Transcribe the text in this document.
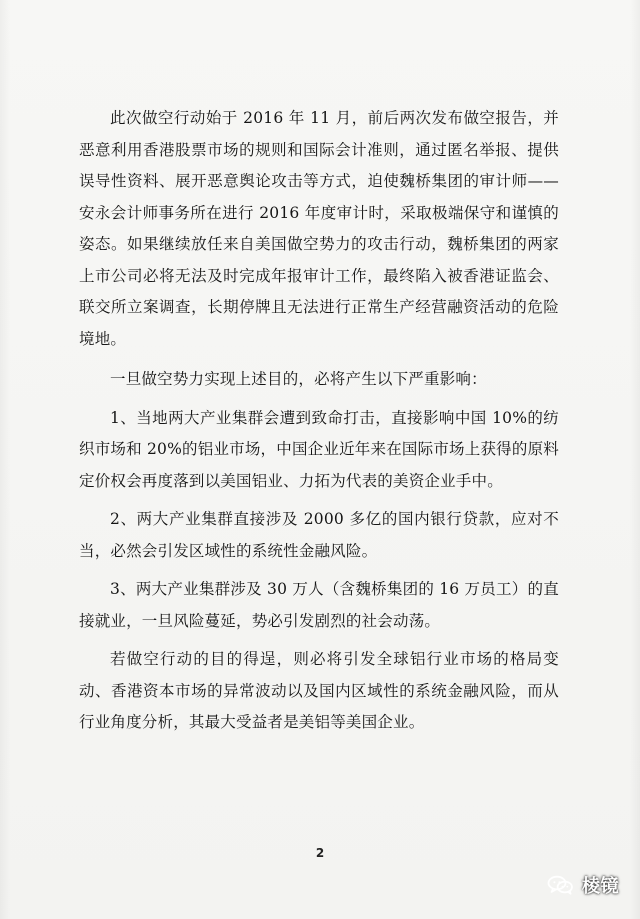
此次做空行动始于 2016 年 11 月，前后两次发布做空报告，并恶意利用香港股票市场的规则和国际会计准则，通过匿名举报、提供误导性资料、展开恶意舆论攻击等方式，迫使魏桥集团的审计师——安永会计师事务所在进行 2016 年度审计时，采取极端保守和谨慎的姿态。如果继续放任来自美国做空势力的攻击行动，魏桥集团的两家上市公司必将无法及时完成年报审计工作，最终陷入被香港证监会、联交所立案调查，长期停牌且无法进行正常生产经营融资活动的危险境地。

一旦做空势力实现上述目的，必将产生以下严重影响：

1、当地两大产业集群会遭到致命打击，直接影响中国 10%的纺织市场和 20%的铝业市场，中国企业近年来在国际市场上获得的原料定价权会再度落到以美国铝业、力拓为代表的美资企业手中。

2、两大产业集群直接涉及 2000 多亿的国内银行贷款，应对不当，必然会引发区域性的系统性金融风险。

3、两大产业集群涉及 30 万人（含魏桥集团的 16 万员工）的直接就业，一旦风险蔓延，势必引发剧烈的社会动荡。

若做空行动的目的得逞，则必将引发全球铝行业市场的格局变动、香港资本市场的异常波动以及国内区域性的系统金融风险，而从行业角度分析，其最大受益者是美铝等美国企业。

2
棱镜
